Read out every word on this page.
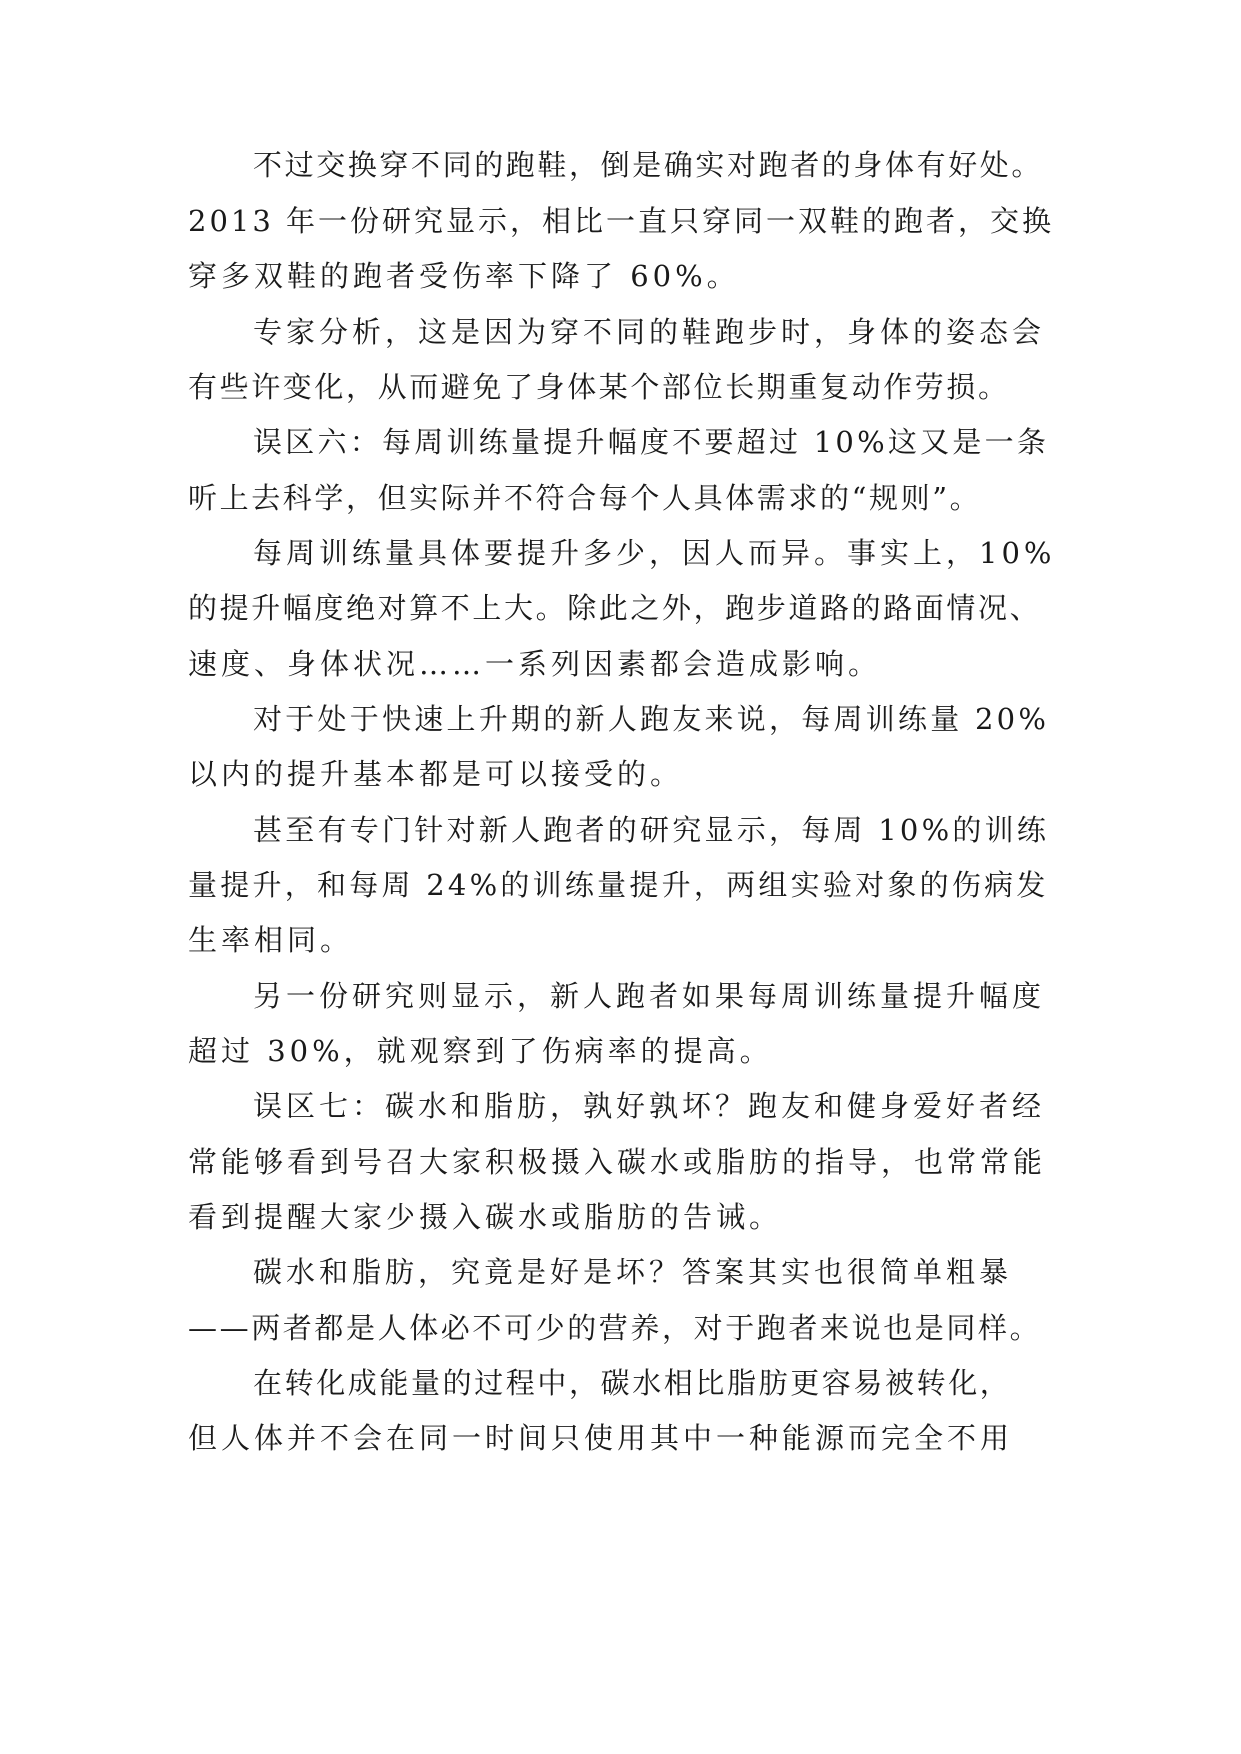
不过交换穿不同的跑鞋，倒是确实对跑者的身体有好处。
2013 年一份研究显示，相比一直只穿同一双鞋的跑者，交换
穿多双鞋的跑者受伤率下降了 60%。
专家分析，这是因为穿不同的鞋跑步时，身体的姿态会
有些许变化，从而避免了身体某个部位长期重复动作劳损。
误区六：每周训练量提升幅度不要超过 10%这又是一条
听上去科学，但实际并不符合每个人具体需求的“规则”。
每周训练量具体要提升多少，因人而异。事实上，10%
的提升幅度绝对算不上大。除此之外，跑步道路的路面情况、
速度、身体状况……一系列因素都会造成影响。
对于处于快速上升期的新人跑友来说，每周训练量 20%
以内的提升基本都是可以接受的。
甚至有专门针对新人跑者的研究显示，每周 10%的训练
量提升，和每周 24%的训练量提升，两组实验对象的伤病发
生率相同。
另一份研究则显示，新人跑者如果每周训练量提升幅度
超过 30%，就观察到了伤病率的提高。
误区七：碳水和脂肪，孰好孰坏？跑友和健身爱好者经
常能够看到号召大家积极摄入碳水或脂肪的指导，也常常能
看到提醒大家少摄入碳水或脂肪的告诫。
碳水和脂肪，究竟是好是坏？答案其实也很简单粗暴
——两者都是人体必不可少的营养，对于跑者来说也是同样。
在转化成能量的过程中，碳水相比脂肪更容易被转化，
但人体并不会在同一时间只使用其中一种能源而完全不用
